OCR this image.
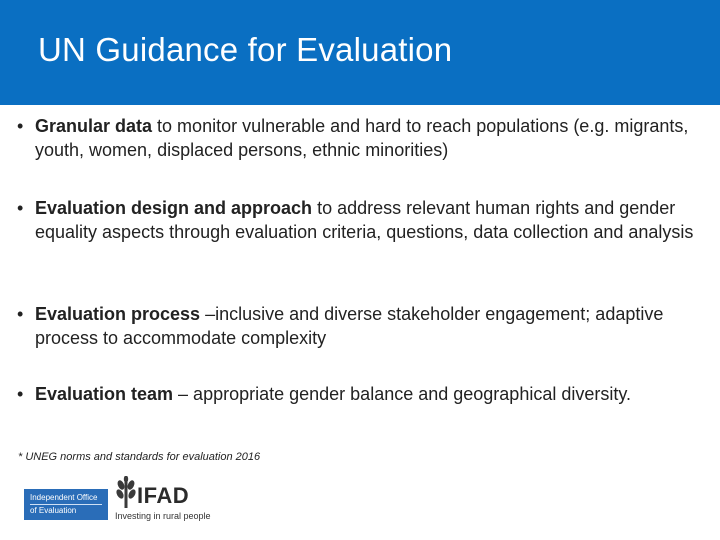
UN Guidance for Evaluation
• Granular data to monitor vulnerable and hard to reach populations (e.g. migrants, youth, women, displaced persons, ethnic minorities)
• Evaluation design and approach to address relevant human rights and gender equality aspects through evaluation criteria, questions, data collection and analysis
• Evaluation process –inclusive and diverse stakeholder engagement; adaptive process to accommodate complexity
• Evaluation team – appropriate gender balance and geographical diversity.
* UNEG norms and standards for evaluation 2016
Independent Office
of Evaluation
IFAD
Investing in rural people
